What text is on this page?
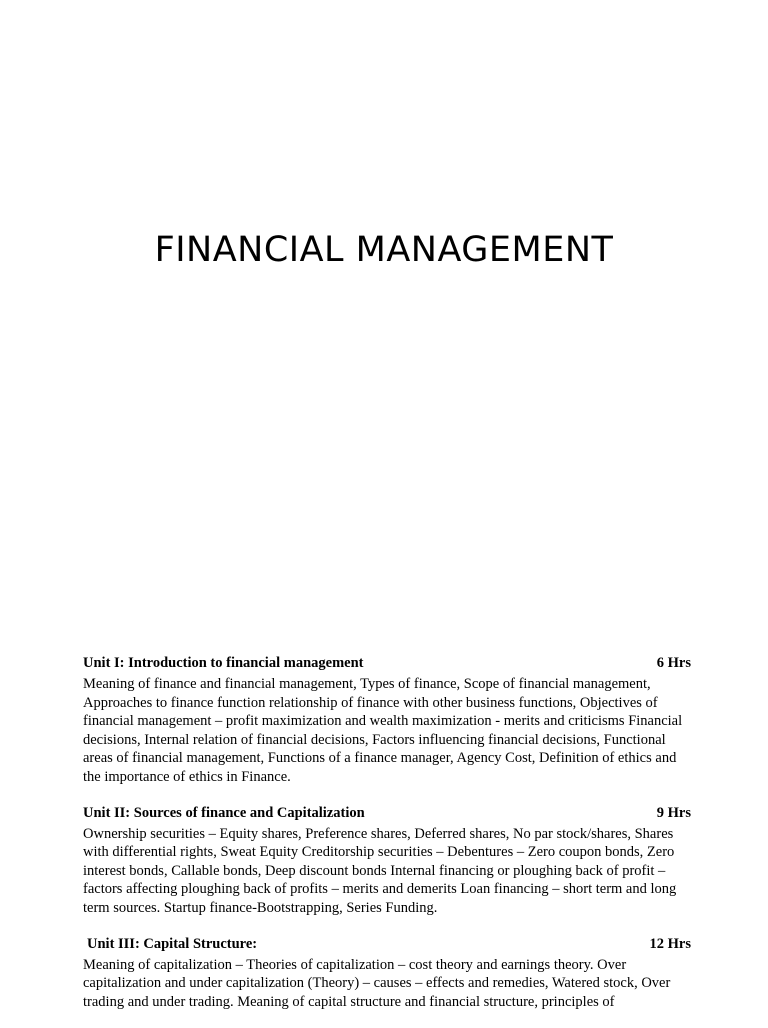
FINANCIAL MANAGEMENT
Unit I: Introduction to financial management	6 Hrs
Meaning of finance and financial management, Types of finance, Scope of financial management, Approaches to finance function relationship of finance with other business functions, Objectives of financial management – profit maximization and wealth maximization - merits and criticisms Financial decisions, Internal relation of financial decisions, Factors influencing financial decisions, Functional areas of financial management, Functions of a finance manager, Agency Cost, Definition of ethics and the importance of ethics in Finance.
Unit II: Sources of finance and Capitalization	9 Hrs
Ownership securities – Equity shares, Preference shares, Deferred shares, No par stock/shares, Shares with differential rights, Sweat Equity Creditorship securities – Debentures – Zero coupon bonds, Zero interest bonds, Callable bonds, Deep discount bonds Internal financing or ploughing back of profit – factors affecting ploughing back of profits – merits and demerits Loan financing – short term and long term sources. Startup finance-Bootstrapping, Series Funding.
Unit III: Capital Structure:	12 Hrs
Meaning of capitalization – Theories of capitalization – cost theory and earnings theory. Over capitalization and under capitalization (Theory) – causes – effects and remedies, Watered stock, Over trading and under trading. Meaning of capital structure and financial structure, principles of
